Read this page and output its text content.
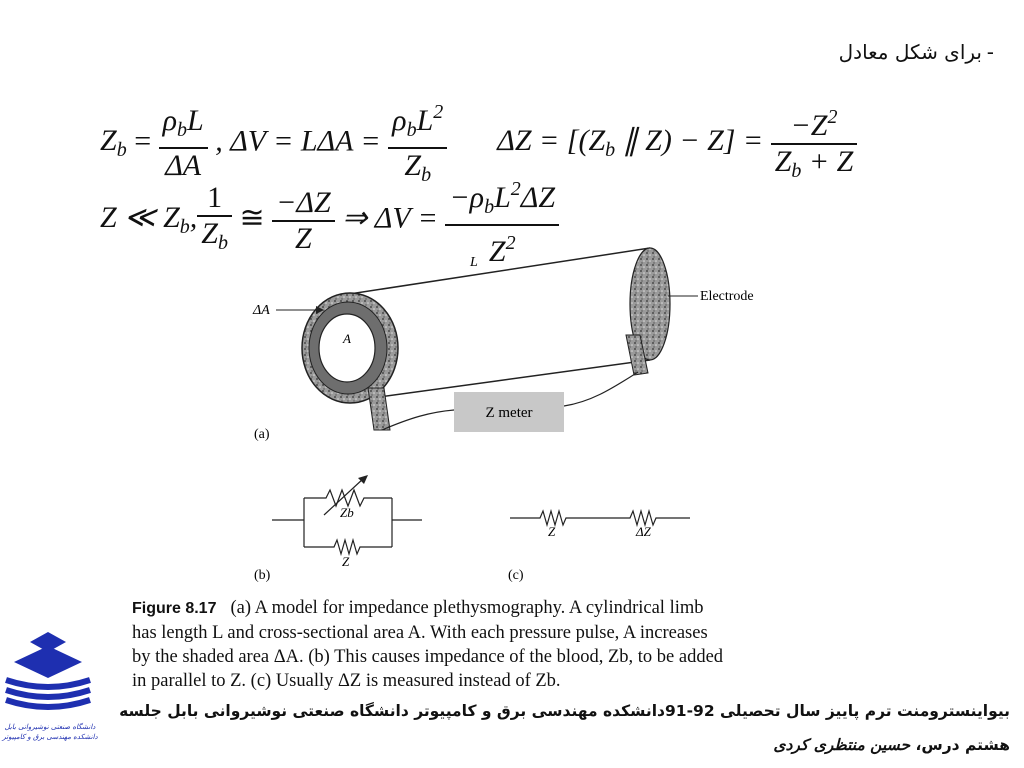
-
برای شکل معادل
$Z_b = \frac{\rho_bL}{\Delta A}$ , $\Delta V = L\Delta A = \frac{\rho_bL^2}{Z_b}$ $\Delta Z = [(Z_b$ ∥ $Z) - Z] = \frac{-Z^2}{Z_b + Z}$
Z ≪ $Z_b$, $\frac{1}{Z_b}$ ≅ $\frac{-\Delta Z}{Z}$ ⇒ $\Delta V = \frac{-\rho_bL^2\Delta Z}{Z^2}$
Z meter
L
ΔA
A
Electrode
(a)
Zb
Z
(b)
Z	ΔZ
(c)
Figure 8.17 (a) A model for impedance plethysmography. A cylindrical limb
has length L and cross-sectional area A. With each pressure pulse, A increases
by the shaded area ΔA. (b) This causes impedance of the blood, Zb, to be added
in parallel to Z. (c) Usually ΔZ is measured instead of Zb.
دانشگاه صنعتی نوشیروانی بابل
دانشکده مهندسی برق و کامپیوتر
بیواینسترومنت ترم پاییز سال تحصیلی 92-91دانشکده مهندسی برق و کامپیوتر دانشگاه صنعتی نوشیروانی بابل جلسه
هشتم درس، حسین منتظری کردی
